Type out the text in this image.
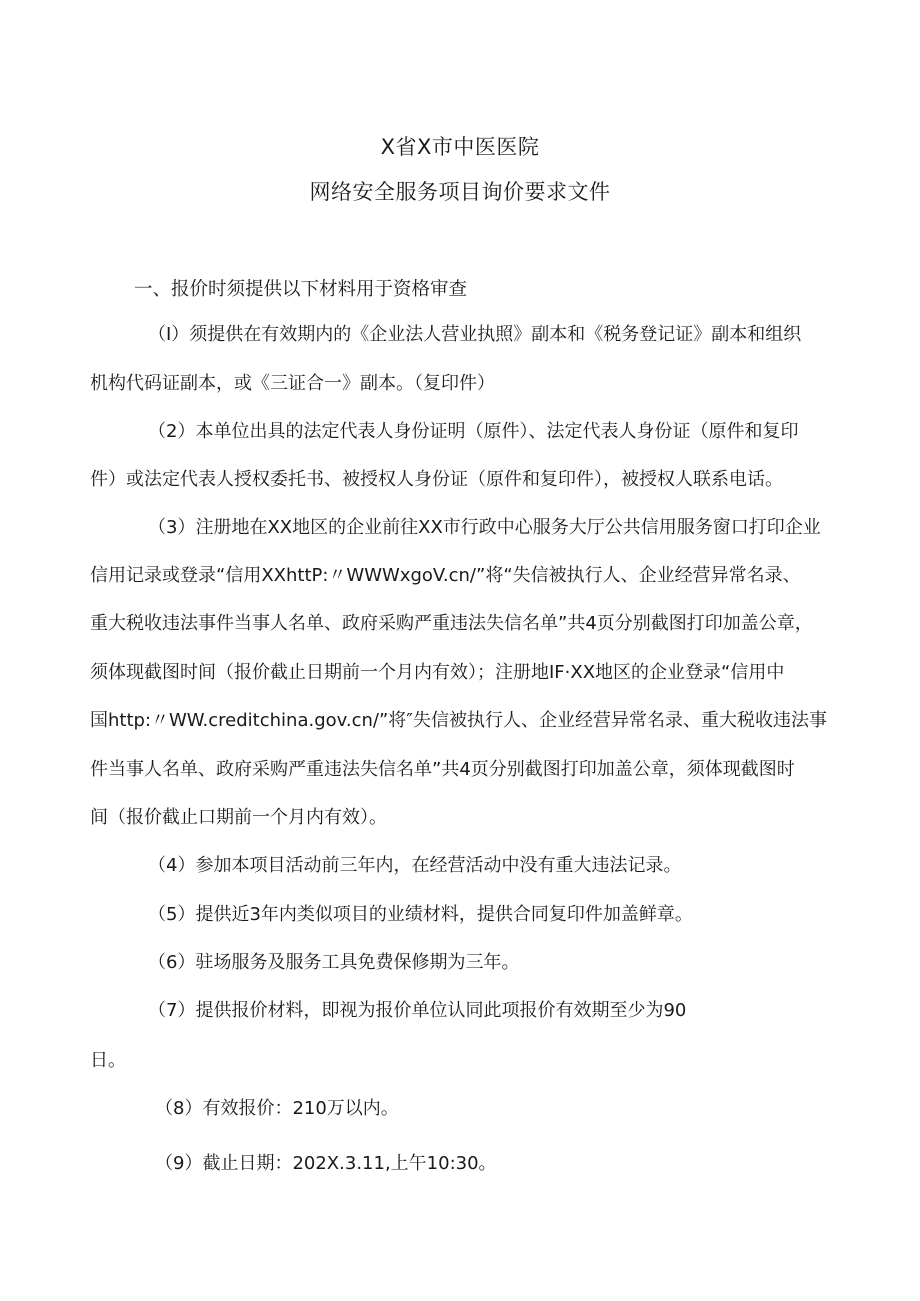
X省X市中医医院
网络安全服务项目询价要求文件
一、报价时须提供以下材料用于资格审查
（I）须提供在有效期内的《企业法人营业执照》副本和《税务登记证》副本和组织
机构代码证副本，或《三证合一》副本。（复印件）
（2）本单位出具的法定代表人身份证明（原件）、法定代表人身份证（原件和复印
件）或法定代表人授权委托书、被授权人身份证（原件和复印件），被授权人联系电话。
（3）注册地在XX地区的企业前往XX市行政中心服务大厅公共信用服务窗口打印企业
信用记录或登录“信用XXhttP:〃WWWxgoV.cn/”将“失信被执行人、企业经营异常名录、
重大税收违法事件当事人名单、政府采购严重违法失信名单”共4页分别截图打印加盖公章，
须体现截图时间（报价截止日期前一个月内有效）；注册地IF·XX地区的企业登录“信用中
国http:〃WW.creditchina.gov.cn/”将″失信被执行人、企业经营异常名录、重大税收违法事
件当事人名单、政府采购严重违法失信名单”共4页分别截图打印加盖公章，须体现截图时
间（报价截止口期前一个月内有效）。
（4）参加本项目活动前三年内，在经营活动中没有重大违法记录。
（5）提供近3年内类似项目的业绩材料，提供合同复印件加盖鲜章。
（6）驻场服务及服务工具免费保修期为三年。
（7）提供报价材料，即视为报价单位认同此项报价有效期至少为90
日。
（8）有效报价：210万以内。
（9）截止日期：202X.3.11,上午10:30。
